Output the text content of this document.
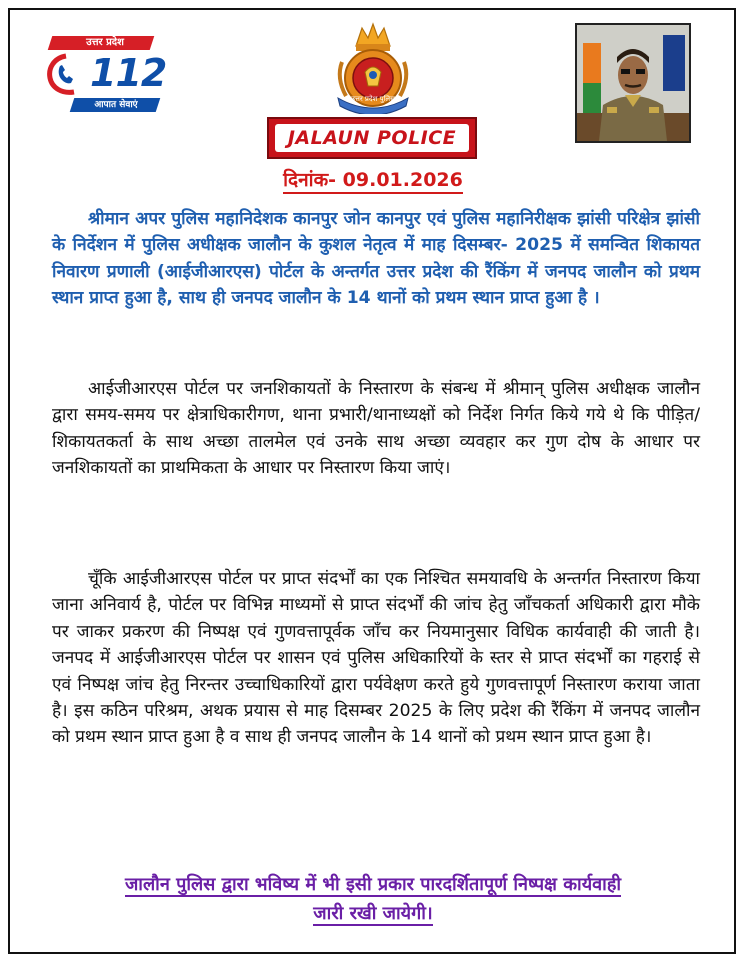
उत्तर प्रदेश
112
आपात सेवाएं
उत्तर प्रदेश पुलिस
JALAUN POLICE
दिनांक- 09.01.2026

श्रीमान अपर पुलिस महानिदेशक कानपुर जोन कानपुर एवं पुलिस महानिरीक्षक झांसी परिक्षेत्र झांसी के निर्देशन में पुलिस अधीक्षक जालौन के कुशल नेतृत्व में माह दिसम्बर- 2025 में समन्वित शिकायत निवारण प्रणाली (आईजीआरएस) पोर्टल के अन्तर्गत उत्तर प्रदेश की रैंकिंग में जनपद जालौन को प्रथम स्थान प्राप्त हुआ है, साथ ही जनपद जालौन के 14 थानों को प्रथम स्थान प्राप्त हुआ है ।

आईजीआरएस पोर्टल पर जनशिकायतों के निस्तारण के संबन्ध में श्रीमान् पुलिस अधीक्षक जालौन द्वारा समय-समय पर क्षेत्राधिकारीगण, थाना प्रभारी/थानाध्यक्षों को निर्देश निर्गत किये गये थे कि पीड़ित/शिकायतकर्ता के साथ अच्छा तालमेल एवं उनके साथ अच्छा व्यवहार कर गुण दोष के आधार पर जनशिकायतों का प्राथमिकता के आधार पर निस्तारण किया जाएं।

चूँकि आईजीआरएस पोर्टल पर प्राप्त संदर्भों का एक निश्चित समयावधि के अन्तर्गत निस्तारण किया जाना अनिवार्य है, पोर्टल पर विभिन्न माध्यमों से प्राप्त संदर्भों की जांच हेतु जाँचकर्ता अधिकारी द्वारा मौके पर जाकर प्रकरण की निष्पक्ष एवं गुणवत्तापूर्वक जाँच कर नियमानुसार विधिक कार्यवाही की जाती है। जनपद में आईजीआरएस पोर्टल पर शासन एवं पुलिस अधिकारियों के स्तर से प्राप्त संदर्भों का गहराई से एवं निष्पक्ष जांच हेतु निरन्तर उच्चाधिकारियों द्वारा पर्यवेक्षण करते हुये गुणवत्तापूर्ण निस्तारण कराया जाता है। इस कठिन परिश्रम, अथक प्रयास से माह दिसम्बर 2025 के लिए प्रदेश की रैंकिंग में जनपद जालौन को प्रथम स्थान प्राप्त हुआ है व साथ ही जनपद जालौन के 14 थानों को प्रथम स्थान प्राप्त हुआ है।

जालौन पुलिस द्वारा भविष्य में भी इसी प्रकार पारदर्शितापूर्ण निष्पक्ष कार्यवाही
जारी रखी जायेगी।
